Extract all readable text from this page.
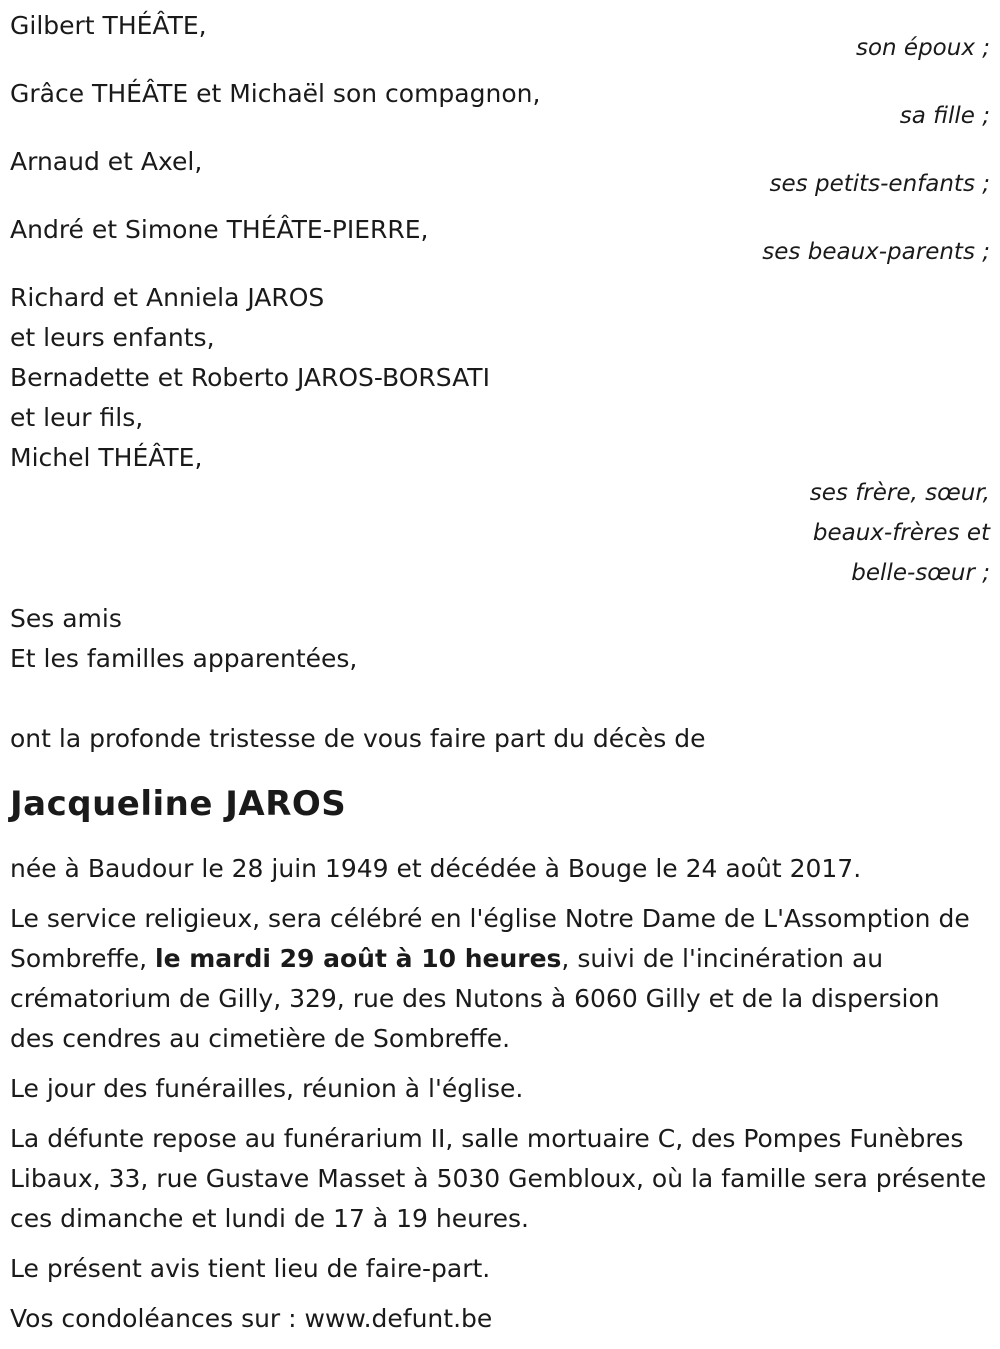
Gilbert THÉÂTE,
son époux ;
Grâce THÉÂTE et Michaël son compagnon,
sa fille ;
Arnaud et Axel,
ses petits-enfants ;
André et Simone THÉÂTE-PIERRE,
ses beaux-parents ;
Richard et Anniela JAROS
et leurs enfants,
Bernadette et Roberto JAROS-BORSATI
et leur fils,
Michel THÉÂTE,
ses frère, sœur,
beaux-frères et
belle-sœur ;
Ses amis
Et les familles apparentées,
ont la profonde tristesse de vous faire part du décès de
Jacqueline JAROS

née à Baudour le 28 juin 1949 et décédée à Bouge le 24 août 2017.

Le service religieux, sera célébré en l'église Notre Dame de L'Assomption de Sombreffe, le mardi 29 août à 10 heures, suivi de l'incinération au crématorium de Gilly, 329, rue des Nutons à 6060 Gilly et de la dispersion des cendres au cimetière de Sombreffe.

Le jour des funérailles, réunion à l'église.

La défunte repose au funérarium II, salle mortuaire C, des Pompes Funèbres Libaux, 33, rue Gustave Masset à 5030 Gembloux, où la famille sera présente ces dimanche et lundi de 17 à 19 heures.

Le présent avis tient lieu de faire-part.

Vos condoléances sur : www.defunt.be
